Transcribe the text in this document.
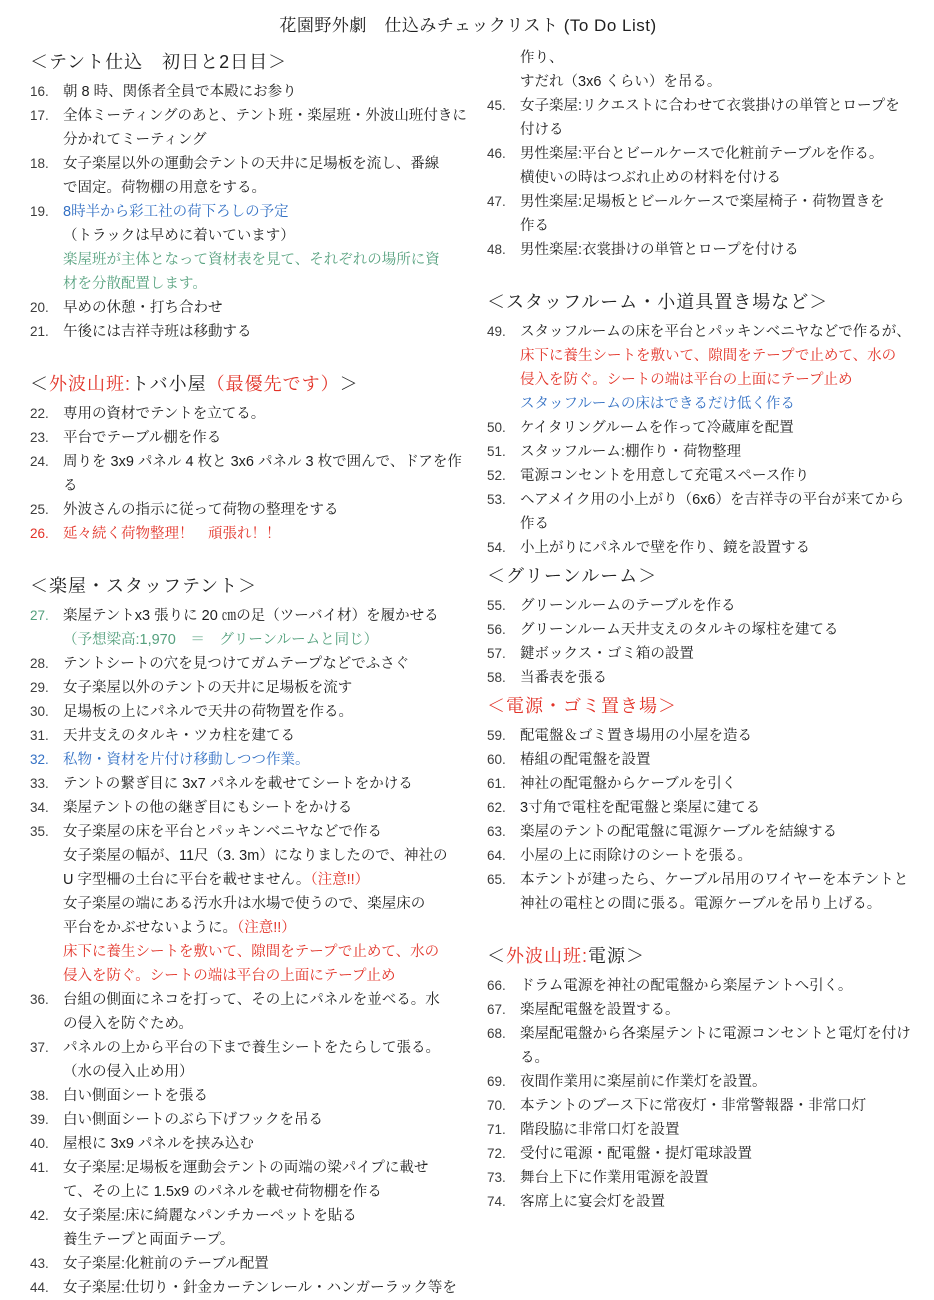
花園野外劇　仕込みチェックリスト (To Do List)
＜テント仕込　初日と2日目＞
16. 朝 8 時、関係者全員で本殿にお参り
17. 全体ミーティングのあと、テント班・楽屋班・外波山班付きに
分かれてミーティング
18. 女子楽屋以外の運動会テントの天井に足場板を流し、番線
で固定。荷物棚の用意をする。
19. 8時半から彩工社の荷下ろしの予定
（トラックは早めに着いています）
楽屋班が主体となって資材表を見て、それぞれの場所に資
材を分散配置します。
20. 早めの休憩・打ち合わせ
21. 午後には吉祥寺班は移動する
＜外波山班:トバ小屋（最優先です）＞
22. 専用の資材でテントを立てる。
23. 平台でテーブル棚を作る
24. 周りを 3x9 パネル 4 枚と 3x6 パネル 3 枚で囲んで、ドアを作
る
25. 外波さんの指示に従って荷物の整理をする
26. 延々続く荷物整理！　頑張れ！！
＜楽屋・スタッフテント＞
27. 楽屋テントx3 張りに 20 ㎝の足（ツーバイ材）を履かせる
（予想梁高:1,970　＝　グリーンルームと同じ）
28. テントシートの穴を見つけてガムテープなどでふさぐ
29. 女子楽屋以外のテントの天井に足場板を流す
30. 足場板の上にパネルで天井の荷物置を作る。
31. 天井支えのタルキ・ツカ柱を建てる
32. 私物・資材を片付け移動しつつ作業。
33. テントの繋ぎ目に 3x7 パネルを載せてシートをかける
34. 楽屋テントの他の継ぎ目にもシートをかける
35. 女子楽屋の床を平台とパッキンベニヤなどで作る
女子楽屋の幅が、11尺（3. 3m）になりましたので、神社の
U 字型柵の土台に平台を載せません。（注意!!）
女子楽屋の端にある汚水升は水場で使うので、楽屋床の
平台をかぶせないように。（注意!!）
床下に養生シートを敷いて、隙間をテープで止めて、水の
侵入を防ぐ。シートの端は平台の上面にテープ止め
36. 台組の側面にネコを打って、その上にパネルを並べる。水
の侵入を防ぐため。
37. パネルの上から平台の下まで養生シートをたらして張る。
（水の侵入止め用）
38. 白い側面シートを張る
39. 白い側面シートのぶら下げフックを吊る
40. 屋根に 3x9 パネルを挟み込む
41. 女子楽屋:足場板を運動会テントの両端の梁パイプに載せ
て、その上に 1.5x9 のパネルを載せ荷物棚を作る
42. 女子楽屋:床に綺麗なパンチカーペットを貼る
養生テープと両面テープ。
43. 女子楽屋:化粧前のテーブル配置
44. 女子楽屋:仕切り・針金カーテンレール・ハンガーラック等を
作り、
すだれ（3x6 くらい）を吊る。
45. 女子楽屋:リクエストに合わせて衣裳掛けの単管とロープを
付ける
46. 男性楽屋:平台とビールケースで化粧前テーブルを作る。
横使いの時はつぶれ止めの材料を付ける
47. 男性楽屋:足場板とビールケースで楽屋椅子・荷物置きを
作る
48. 男性楽屋:衣裳掛けの単管とロープを付ける
＜スタッフルーム・小道具置き場など＞
49. スタッフルームの床を平台とパッキンベニヤなどで作るが、
床下に養生シートを敷いて、隙間をテープで止めて、水の
侵入を防ぐ。シートの端は平台の上面にテープ止め
スタッフルームの床はできるだけ低く作る
50. ケイタリングルームを作って冷蔵庫を配置
51. スタッフルーム:棚作り・荷物整理
52. 電源コンセントを用意して充電スペース作り
53. ヘアメイク用の小上がり（6x6）を吉祥寺の平台が来てから
作る
54. 小上がりにパネルで壁を作り、鏡を設置する
＜グリーンルーム＞
55. グリーンルームのテーブルを作る
56. グリーンルーム天井支えのタルキの塚柱を建てる
57. 鍵ボックス・ゴミ箱の設置
58. 当番表を張る
＜電源・ゴミ置き場＞
59. 配電盤＆ゴミ置き場用の小屋を造る
60. 椿組の配電盤を設置
61. 神社の配電盤からケーブルを引く
62. 3寸角で電柱を配電盤と楽屋に建てる
63. 楽屋のテントの配電盤に電源ケーブルを結線する
64. 小屋の上に雨除けのシートを張る。
65. 本テントが建ったら、ケーブル吊用のワイヤーを本テントと
神社の電柱との間に張る。電源ケーブルを吊り上げる。
＜外波山班:電源＞
66. ドラム電源を神社の配電盤から楽屋テントへ引く。
67. 楽屋配電盤を設置する。
68. 楽屋配電盤から各楽屋テントに電源コンセントと電灯を付け
る。
69. 夜間作業用に楽屋前に作業灯を設置。
70. 本テントのブース下に常夜灯・非常警報器・非常口灯
71. 階段脇に非常口灯を設置
72. 受付に電源・配電盤・提灯電球設置
73. 舞台上下に作業用電源を設置
74. 客席上に宴会灯を設置
